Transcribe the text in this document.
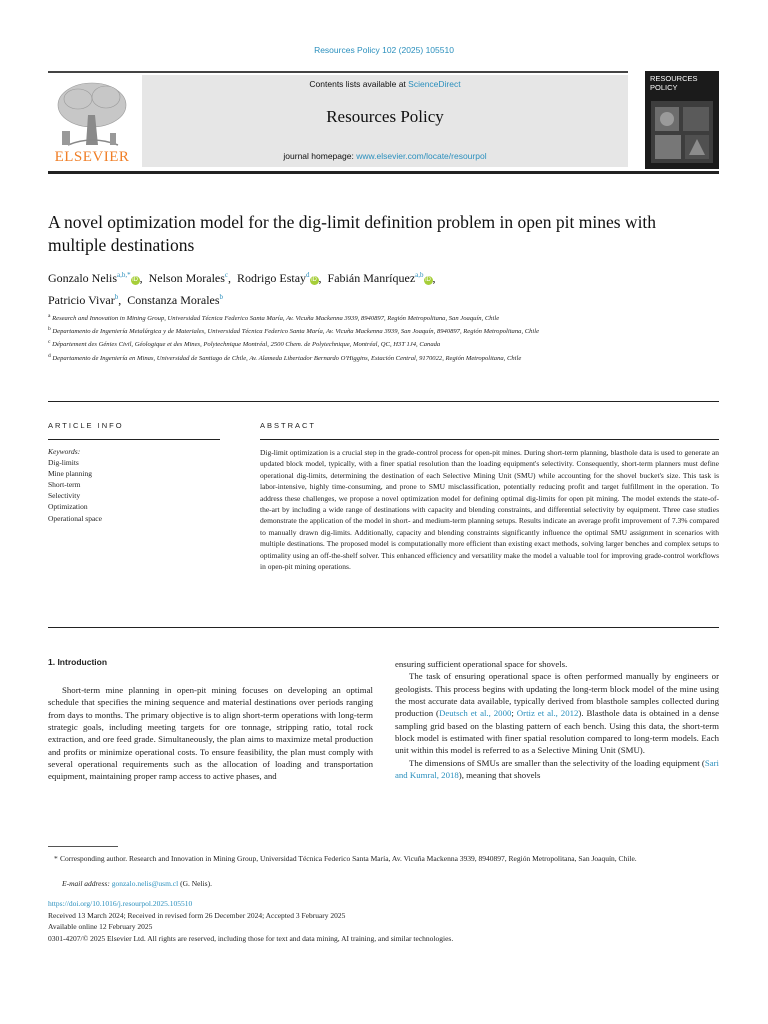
Resources Policy 102 (2025) 105510
ELSEVIER
Contents lists available at ScienceDirect
Resources Policy
journal homepage: www.elsevier.com/locate/resourpol
RESOURCES POLICY
A novel optimization model for the dig-limit definition problem in open pit mines with multiple destinations
Gonzalo Nelis$^{a,b,*}$iD , Nelson Morales$^c$, Rodrigo Estay$^d$iD , Fabián Manríquez$^{a,b}$iD ,
Patricio Vivar$^b$, Constanza Morales$^b$

$^a$ Research and Innovation in Mining Group, Universidad Técnica Federico Santa María, Av. Vicuña Mackenna 3939, 8940897, Región Metropolitana, San Joaquín, Chile

$^b$ Departamento de Ingeniería Metalúrgica y de Materiales, Universidad Técnica Federico Santa María, Av. Vicuña Mackenna 3939, San Joaquín, 8940897, Región Metropolitana, Chile

$^c$ Département des Génies Civil, Géologique et des Mines, Polytechnique Montréal, 2500 Chem. de Polytechnique, Montréal, QC, H3T 1J4, Canada

$^d$ Departamento de Ingeniería en Minas, Universidad de Santiago de Chile, Av. Alameda Libertador Bernardo O'Higgins, Estación Central, 9170022, Región Metropolitana, Chile

ARTICLE INFO	ABSTRACT
Keywords:
Dig-limits
Mine planning
Short-term
Selectivity
Optimization
Operational space
Dig-limit optimization is a crucial step in the grade-control process for open-pit mines. During short-term planning, blasthole data is used to generate an updated block model, typically, with a finer spatial resolution than the loading equipment's selectivity. Consequently, short-term planners must define operational dig-limits, determining the destination of each Selective Mining Unit (SMU) while accounting for the shovel bucket's size. This task is labor-intensive, highly time-consuming, and prone to SMU misclassification, potentially reducing profit and target fulfillment in the operation. To address these challenges, we propose a novel optimization model for defining optimal dig-limits for open pit mining. The model extends the state-of-the-art by including a wide range of destinations with capacity and blending constraints, and differential selectivity by equipment. Three case studies demonstrate the application of the model in short- and medium-term planning setups. Results indicate an average profit improvement of 7.3% compared to manually drawn dig-limits. Additionally, capacity and blending constraints significantly influence the optimal SMU assignment in scenarios with multiple destinations. The proposed model is computationally more efficient than existing exact methods, solving larger benches and complex setups to optimality using an off-the-shelf solver. This enhanced efficiency and versatility make the model a valuable tool for improving grade-control workflows in open-pit mining operations.
1. Introduction

Short-term mine planning in open-pit mining focuses on developing an optimal schedule that specifies the mining sequence and material destinations over periods ranging from days to months. The primary objective is to align short-term operations with long-term strategic goals, including meeting targets for ore tonnage, stripping ratio, total rock extraction, and ore feed grade. Simultaneously, the plan aims to maximize metal production and profits or minimize operational costs. To ensure feasibility, the plan must comply with several operational requirements such as the allocation of loading and transportation equipment, maintaining proper ramp access to active phases, and

ensuring sufficient operational space for shovels.

The task of ensuring operational space is often performed manually by engineers or geologists. This process begins with updating the long-term block model of the mine using the most accurate data available, typically derived from blasthole samples collected during production (Deutsch et al., 2000; Ortiz et al., 2012). Blasthole data is obtained in a dense sampling grid based on the blasting pattern of each bench. Using this data, the short-term block model is estimated with finer spatial resolution compared to long-term models. Each unit within this model is referred to as a Selective Mining Unit (SMU).

The dimensions of SMUs are smaller than the selectivity of the loading equipment (Sari and Kumral, 2018), meaning that shovels

* Corresponding author. Research and Innovation in Mining Group, Universidad Técnica Federico Santa María, Av. Vicuña Mackenna 3939, 8940897, Región Metropolitana, San Joaquín, Chile.
E-mail address: gonzalo.nelis@usm.cl (G. Nelis).
https://doi.org/10.1016/j.resourpol.2025.105510
Received 13 March 2024; Received in revised form 26 December 2024; Accepted 3 February 2025
Available online 12 February 2025
0301-4207/© 2025 Elsevier Ltd. All rights are reserved, including those for text and data mining, AI training, and similar technologies.
